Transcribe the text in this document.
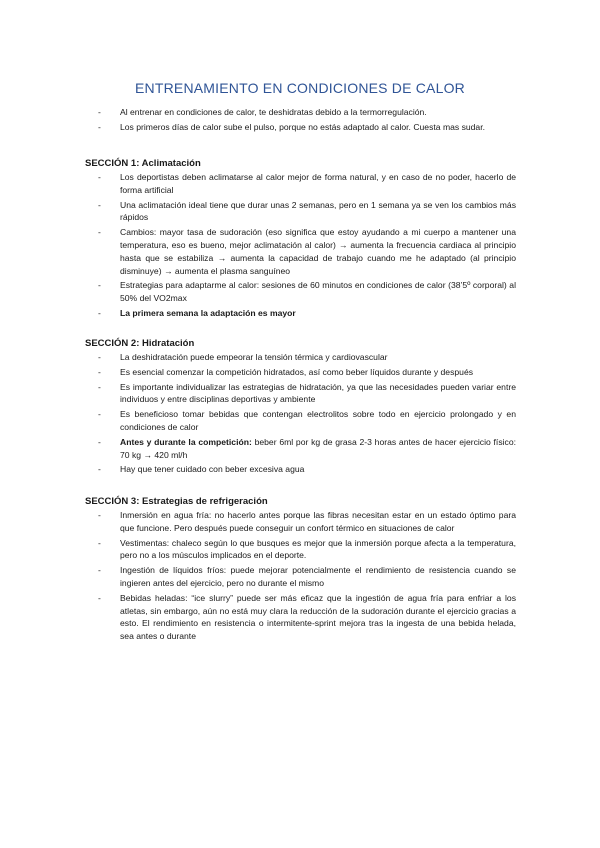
ENTRENAMIENTO EN CONDICIONES DE CALOR
- Al entrenar en condiciones de calor, te deshidratas debido a la termorregulación.
- Los primeros días de calor sube el pulso, porque no estás adaptado al calor. Cuesta mas sudar.
SECCIÓN 1: Aclimatación
- Los deportistas deben aclimatarse al calor mejor de forma natural, y en caso de no poder, hacerlo de forma artificial
- Una aclimatación ideal tiene que durar unas 2 semanas, pero en 1 semana ya se ven los cambios más rápidos
- Cambios: mayor tasa de sudoración (eso significa que estoy ayudando a mi cuerpo a mantener una temperatura, eso es bueno, mejor aclimatación al calor) → aumenta la frecuencia cardiaca al principio hasta que se estabiliza → aumenta la capacidad de trabajo cuando me he adaptado (al principio disminuye) → aumenta el plasma sanguíneo
- Estrategias para adaptarme al calor: sesiones de 60 minutos en condiciones de calor (38’5º corporal) al 50% del VO2max
- La primera semana la adaptación es mayor
SECCIÓN 2: Hidratación
- La deshidratación puede empeorar la tensión térmica y cardiovascular
- Es esencial comenzar la competición hidratados, así como beber líquidos durante y después
- Es importante individualizar las estrategias de hidratación, ya que las necesidades pueden variar entre individuos y entre disciplinas deportivas y ambiente
- Es beneficioso tomar bebidas que contengan electrolitos sobre todo en ejercicio prolongado y en condiciones de calor
- Antes y durante la competición: beber 6ml por kg de grasa 2-3 horas antes de hacer ejercicio físico: 70 kg → 420 ml/h
- Hay que tener cuidado con beber excesiva agua
SECCIÓN 3: Estrategias de refrigeración
- Inmersión en agua fría: no hacerlo antes porque las fibras necesitan estar en un estado óptimo para que funcione. Pero después puede conseguir un confort térmico en situaciones de calor
- Vestimentas: chaleco según lo que busques es mejor que la inmersión porque afecta a la temperatura, pero no a los músculos implicados en el deporte.
- Ingestión de líquidos fríos: puede mejorar potencialmente el rendimiento de resistencia cuando se ingieren antes del ejercicio, pero no durante el mismo
- Bebidas heladas: “ice slurry” puede ser más eficaz que la ingestión de agua fría para enfriar a los atletas, sin embargo, aún no está muy clara la reducción de la sudoración durante el ejercicio gracias a esto. El rendimiento en resistencia o intermitente-sprint mejora tras la ingesta de una bebida helada, sea antes o durante
